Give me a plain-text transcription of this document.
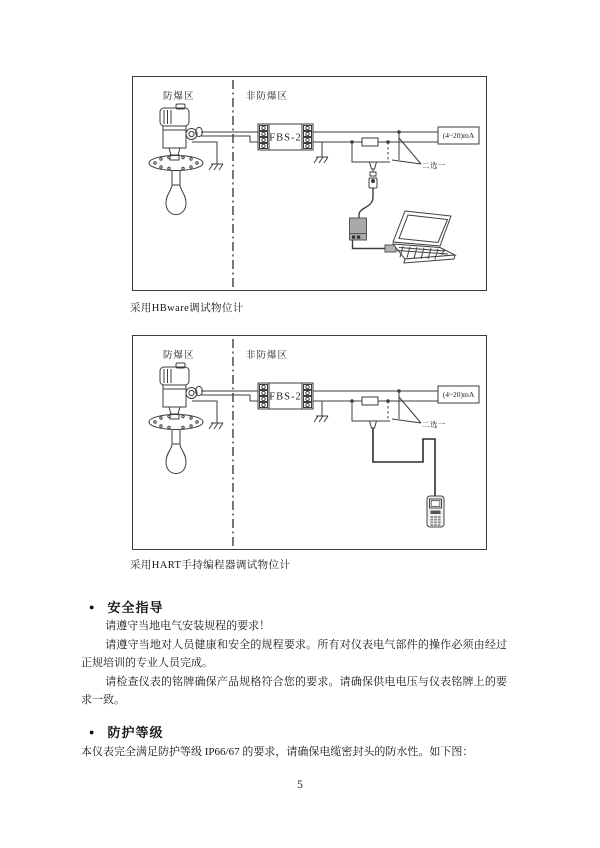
防爆区	非防爆区
FBS-2	(4~20)mA
二选一
采用HBware调试物位计
防爆区	非防爆区
FBS-2	(4~20)mA
二选一
采用HART手持编程器调试物位计
● 安全指导

请遵守当地电气安装规程的要求！

请遵守当地对人员健康和安全的规程要求。所有对仪表电气部件的操作必须由经过正规培训的专业人员完成。

请检查仪表的铭牌确保产品规格符合您的要求。请确保供电电压与仪表铭牌上的要求一致。

● 防护等级

本仪表完全满足防护等级 IP66/67 的要求，请确保电缆密封头的防水性。如下图：

5
